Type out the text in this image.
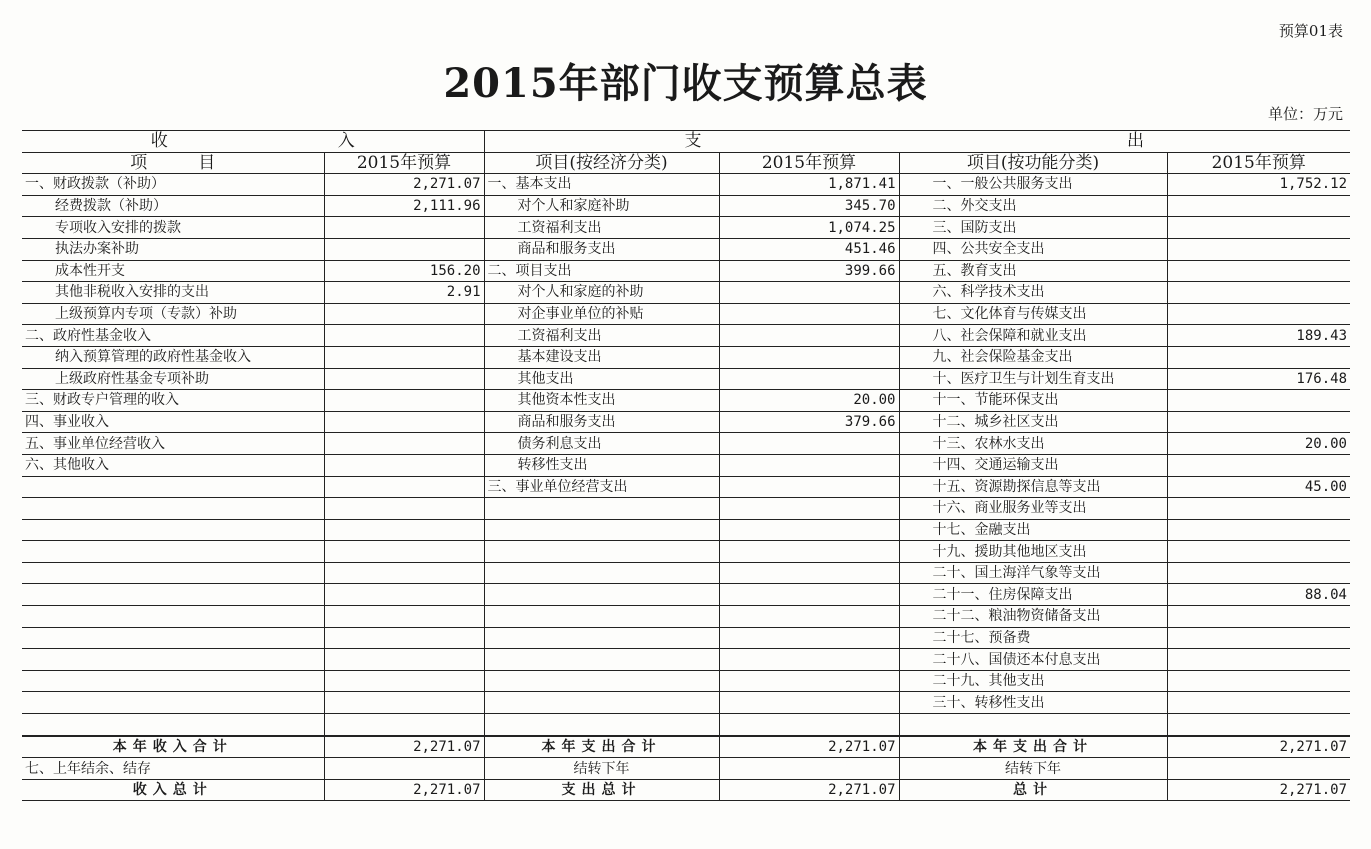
预算01表
2015年部门收支预算总表
单位：万元
收　　　　　　　　　　入	支	出
项　　　目	2015年预算	项目(按经济分类)	2015年预算	项目(按功能分类)	2015年预算
一、财政拨款（补助）	2,271.07	一、基本支出	1,871.41	一、一般公共服务支出	1,752.12
经费拨款（补助）	2,111.96	对个人和家庭补助	345.70	二、外交支出	
专项收入安排的拨款		工资福利支出	1,074.25	三、国防支出	
执法办案补助		商品和服务支出	451.46	四、公共安全支出	
成本性开支	156.20	二、项目支出	399.66	五、教育支出	
其他非税收入安排的支出	2.91	对个人和家庭的补助		六、科学技术支出	
上级预算内专项（专款）补助		对企事业单位的补贴		七、文化体育与传媒支出	
二、政府性基金收入		工资福利支出		八、社会保障和就业支出	189.43
纳入预算管理的政府性基金收入		基本建设支出		九、社会保险基金支出	
上级政府性基金专项补助		其他支出		十、医疗卫生与计划生育支出	176.48
三、财政专户管理的收入		其他资本性支出	20.00	十一、节能环保支出	
四、事业收入		商品和服务支出	379.66	十二、城乡社区支出	
五、事业单位经营收入		债务利息支出		十三、农林水支出	20.00
六、其他收入		转移性支出		十四、交通运输支出	
		三、事业单位经营支出		十五、资源勘探信息等支出	45.00
				十六、商业服务业等支出	
				十七、金融支出	
				十九、援助其他地区支出	
				二十、国土海洋气象等支出	
				二十一、住房保障支出	88.04
				二十二、粮油物资储备支出	
				二十七、预备费	
				二十八、国债还本付息支出	
				二十九、其他支出	
				三十、转移性支出	

本年收入合计	2,271.07	本年支出合计	2,271.07	本年支出合计	2,271.07
七、上年结余、结存		结转下年		结转下年	
收入总计	2,271.07	支出总计	2,271.07	总计	2,271.07
